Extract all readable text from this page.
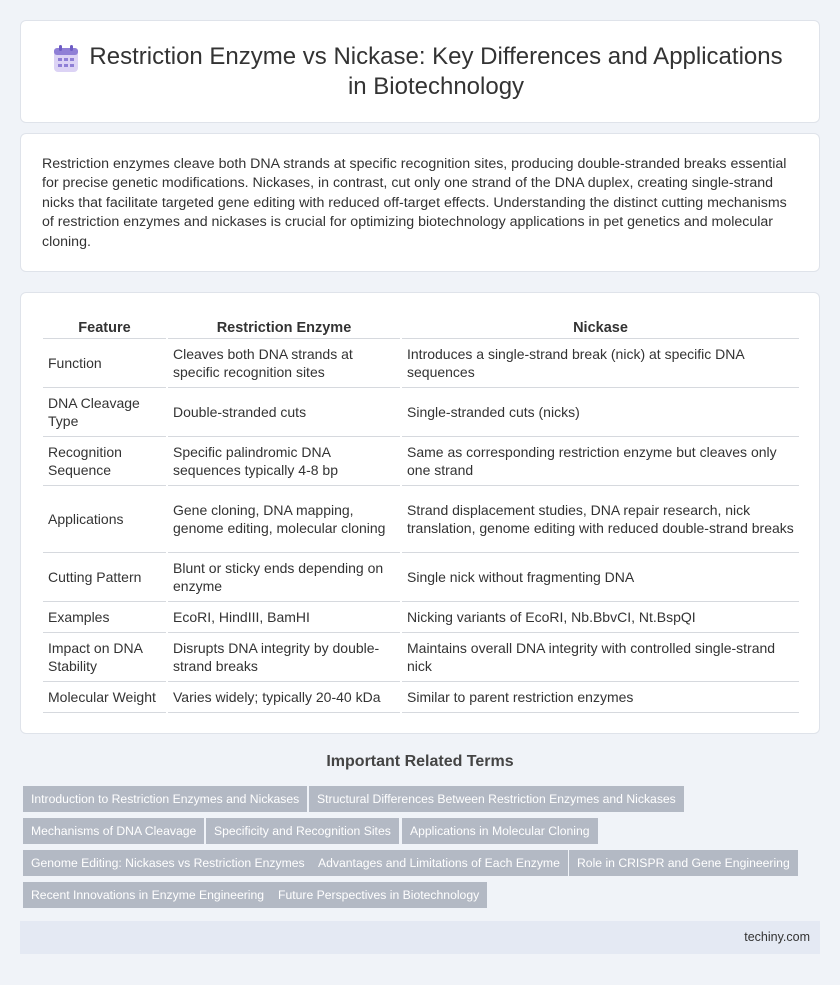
Restriction Enzyme vs Nickase: Key Differences and Applications in Biotechnology

Restriction enzymes cleave both DNA strands at specific recognition sites, producing double-stranded breaks essential for precise genetic modifications. Nickases, in contrast, cut only one strand of the DNA duplex, creating single-strand nicks that facilitate targeted gene editing with reduced off-target effects. Understanding the distinct cutting mechanisms of restriction enzymes and nickases is crucial for optimizing biotechnology applications in pet genetics and molecular cloning.

Feature	Restriction Enzyme	Nickase
Function	Cleaves both DNA strands at specific recognition sites	Introduces a single-strand break (nick) at specific DNA sequences
DNA Cleavage Type	Double-stranded cuts	Single-stranded cuts (nicks)
Recognition Sequence	Specific palindromic DNA sequences typically 4-8 bp	Same as corresponding restriction enzyme but cleaves only one strand
Applications	Gene cloning, DNA mapping, genome editing, molecular cloning	Strand displacement studies, DNA repair research, nick translation, genome editing with reduced double-strand breaks
Cutting Pattern	Blunt or sticky ends depending on enzyme	Single nick without fragmenting DNA
Examples	EcoRI, HindIII, BamHI	Nicking variants of EcoRI, Nb.BbvCI, Nt.BspQI
Impact on DNA Stability	Disrupts DNA integrity by double-strand breaks	Maintains overall DNA integrity with controlled single-strand nick
Molecular Weight	Varies widely; typically 20-40 kDa	Similar to parent restriction enzymes
Important Related Terms
Introduction to Restriction Enzymes and Nickases	Structural Differences Between Restriction Enzymes and Nickases
Mechanisms of DNA Cleavage	Specificity and Recognition Sites	Applications in Molecular Cloning
Genome Editing: Nickases vs Restriction Enzymes	Advantages and Limitations of Each Enzyme	Role in CRISPR and Gene Engineering
Recent Innovations in Enzyme Engineering	Future Perspectives in Biotechnology
techiny.com
